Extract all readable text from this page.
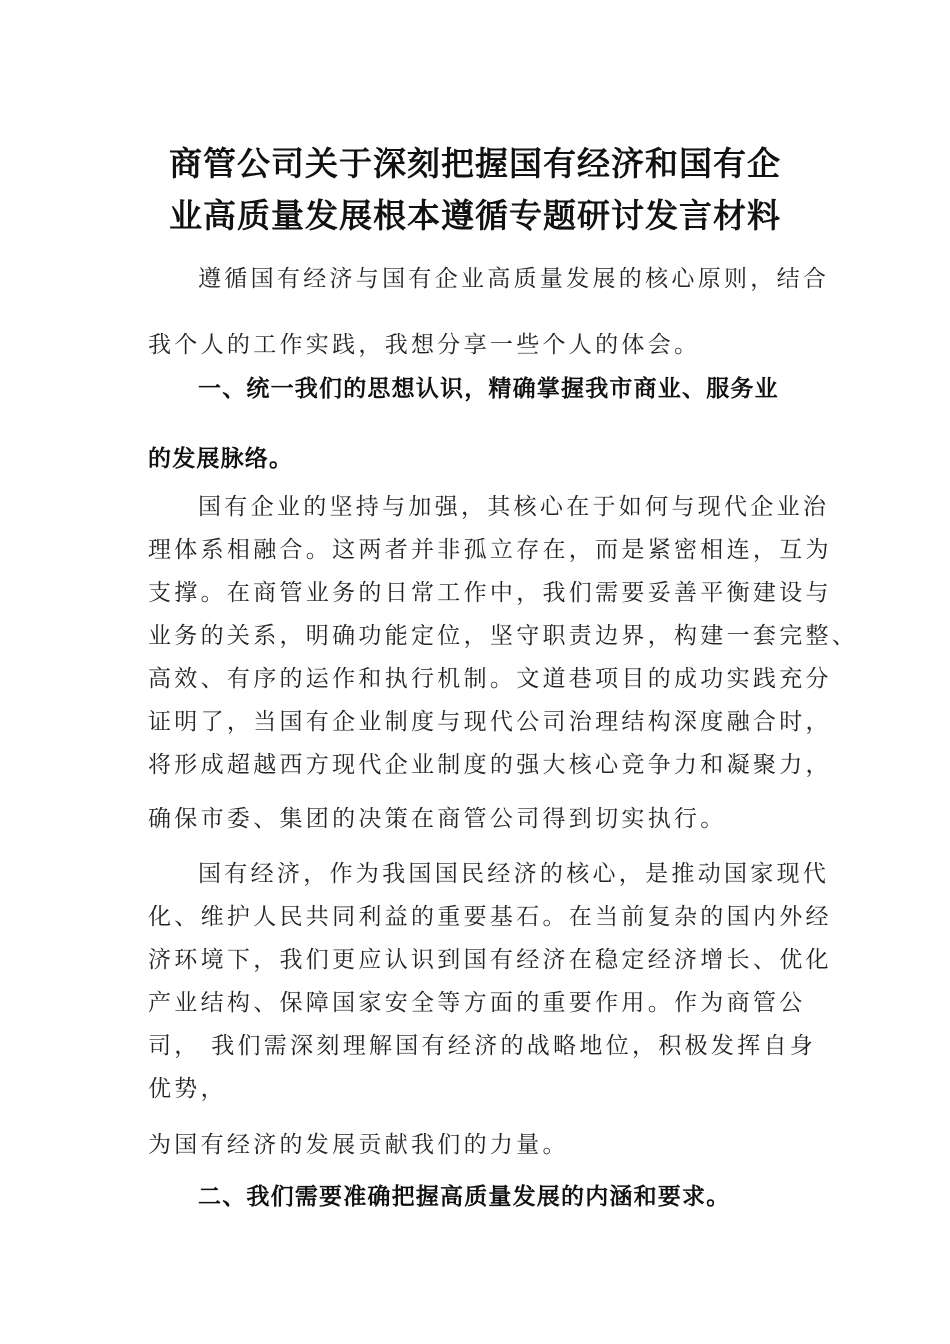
商管公司关于深刻把握国有经济和国有企
业高质量发展根本遵循专题研讨发言材料

遵循国有经济与国有企业高质量发展的核心原则，结合

我个人的工作实践，我想分享一些个人的体会。

一、统一我们的思想认识，精确掌握我市商业、服务业

的发展脉络。

国有企业的坚持与加强，其核心在于如何与现代企业治

理体系相融合。这两者并非孤立存在，而是紧密相连，互为

支撑。在商管业务的日常工作中，我们需要妥善平衡建设与

业务的关系，明确功能定位，坚守职责边界，构建一套完整、

高效、有序的运作和执行机制。文道巷项目的成功实践充分

证明了，当国有企业制度与现代公司治理结构深度融合时，

将形成超越西方现代企业制度的强大核心竞争力和凝聚力，

确保市委、集团的决策在商管公司得到切实执行。

国有经济，作为我国国民经济的核心，是推动国家现代

化、维护人民共同利益的重要基石。在当前复杂的国内外经

济环境下，我们更应认识到国有经济在稳定经济增长、优化

产业结构、保障国家安全等方面的重要作用。作为商管公

司， 我们需深刻理解国有经济的战略地位，积极发挥自身

优势，

为国有经济的发展贡献我们的力量。

二、我们需要准确把握高质量发展的内涵和要求。
